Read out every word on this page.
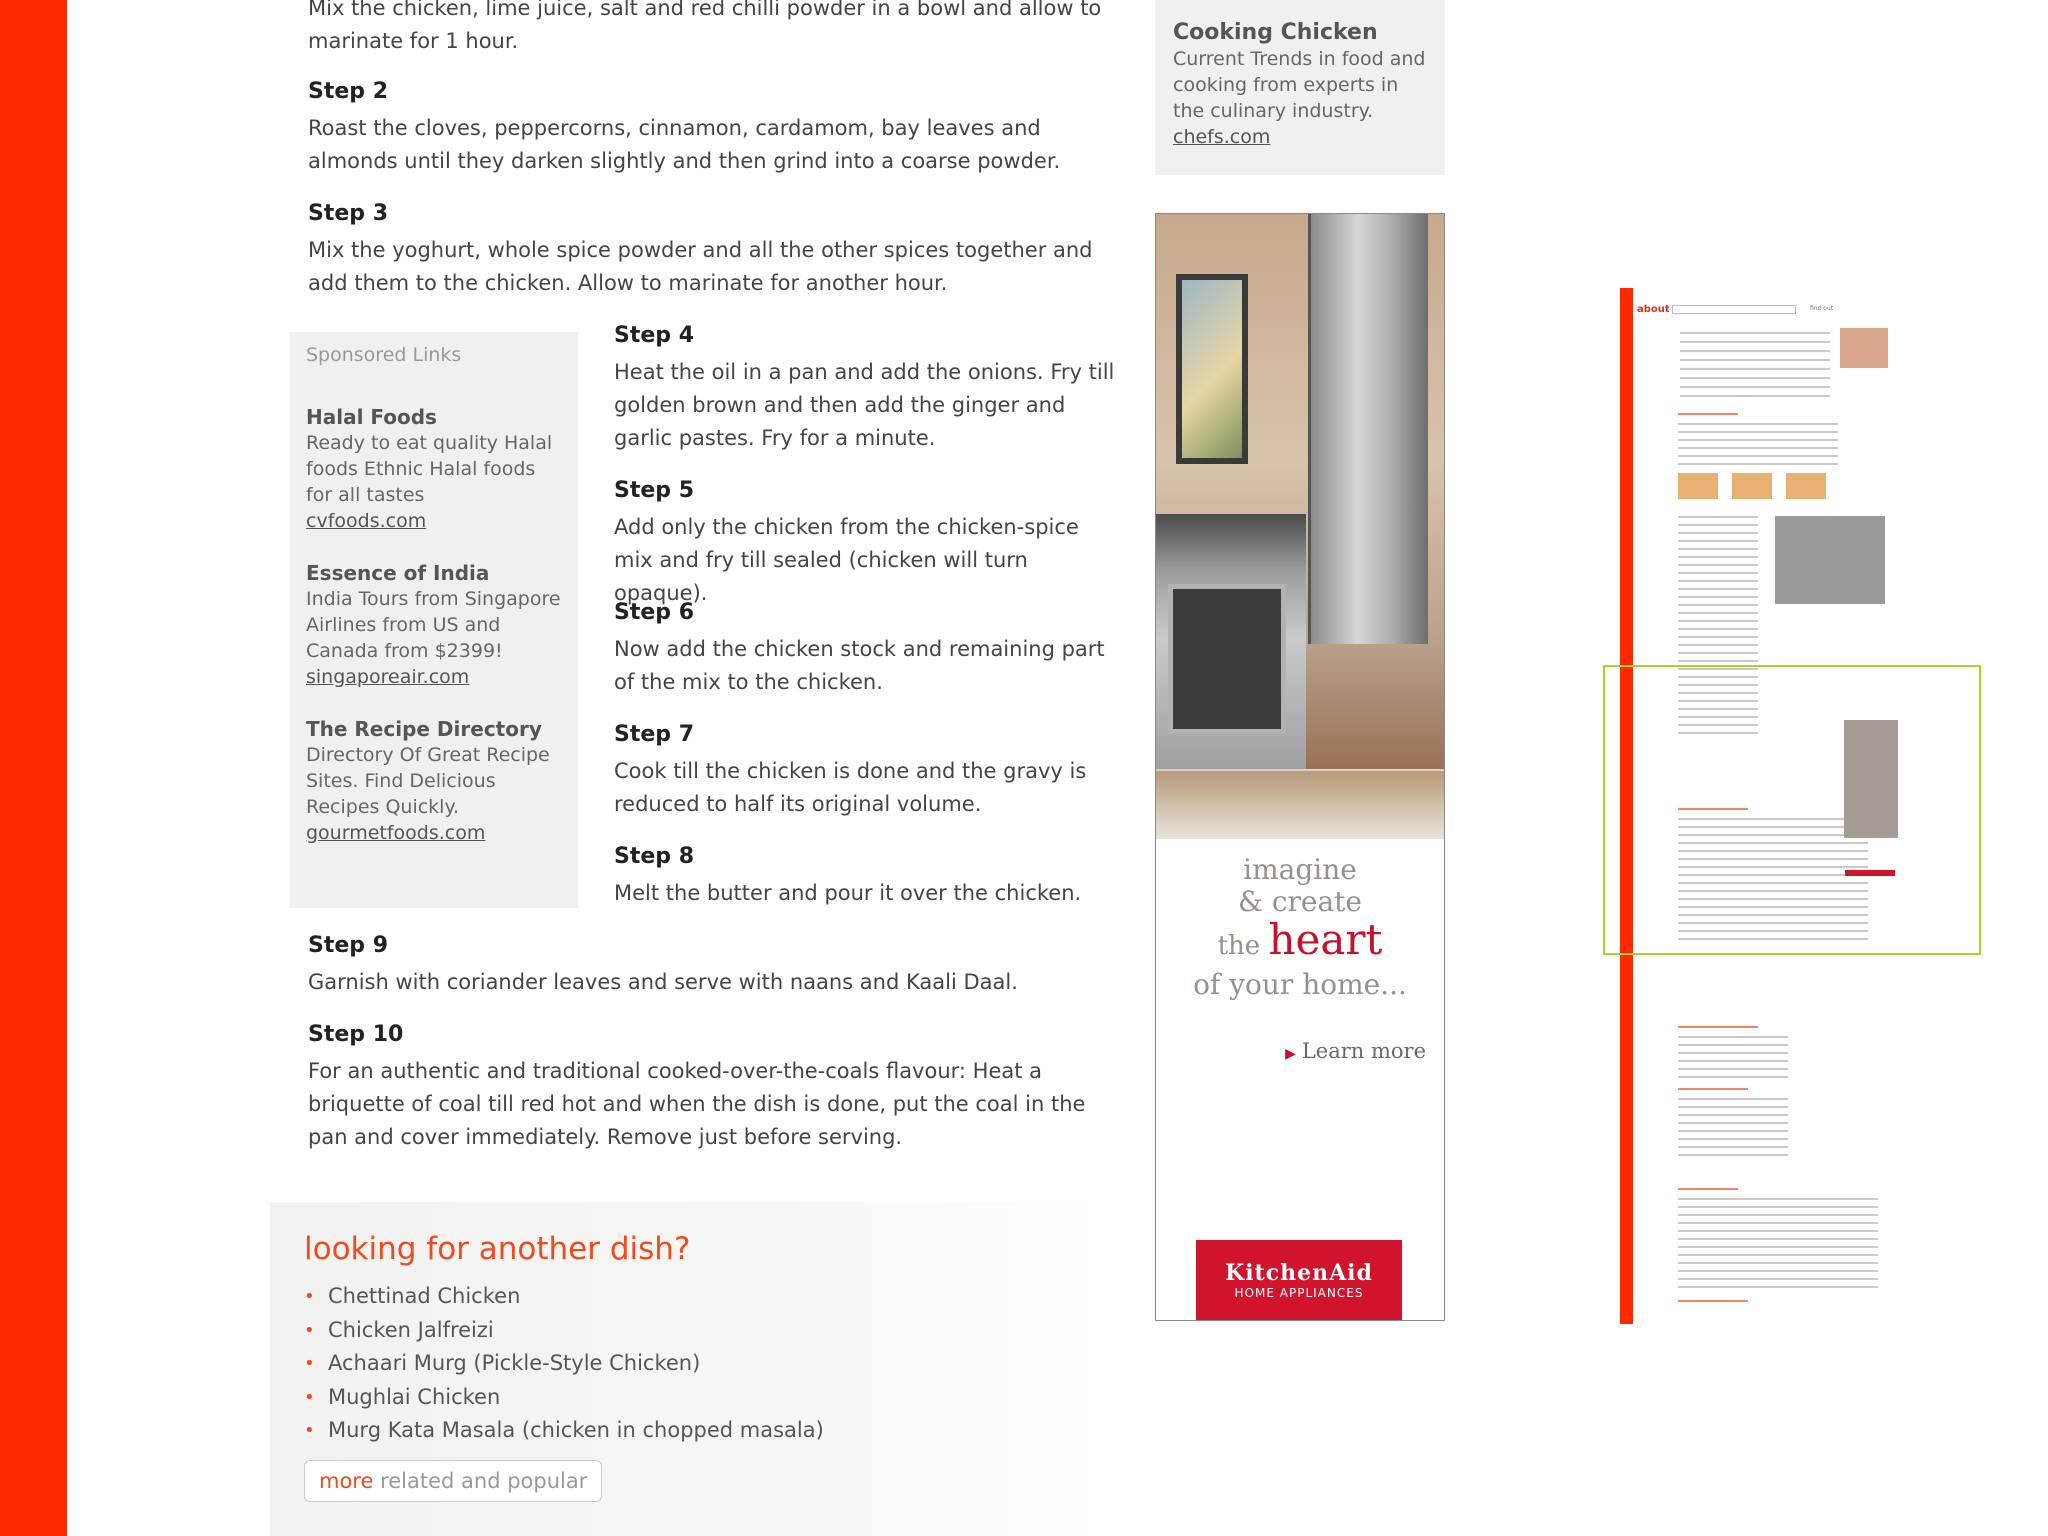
Mix the chicken, lime juice, salt and red chilli powder in a bowl and allow to marinate for 1 hour.
Step 2
Roast the cloves, peppercorns, cinnamon, cardamom, bay leaves and almonds until they darken slightly and then grind into a coarse powder.
Step 3
Mix the yoghurt, whole spice powder and all the other spices together and add them to the chicken. Allow to marinate for another hour.
Step 4
Heat the oil in a pan and add the onions. Fry till golden brown and then add the ginger and garlic pastes. Fry for a minute.
Step 5
Add only the chicken from the chicken-spice mix and fry till sealed (chicken will turn opaque).
Step 6
Now add the chicken stock and remaining part of the mix to the chicken.
Step 7
Cook till the chicken is done and the gravy is reduced to half its original volume.
Step 8
Melt the butter and pour it over the chicken.
Step 9
Garnish with coriander leaves and serve with naans and Kaali Daal.
Step 10
For an authentic and traditional cooked-over-the-coals flavour: Heat a briquette of coal till red hot and when the dish is done, put the coal in the pan and cover immediately. Remove just before serving.
Sponsored Links
Halal Foods
Ready to eat quality Halal foods Ethnic Halal foods for all tastes
cvfoods.com
Essence of India
India Tours from Singapore Airlines from US and Canada from $2399!
singaporeair.com
The Recipe Directory
Directory Of Great Recipe Sites. Find Delicious Recipes Quickly.
gourmetfoods.com
Cooking Chicken
Current Trends in food and cooking from experts in the culinary industry.
chefs.com
imagine
& create
the heart
of your home...
▶ Learn more
KitchenAid
HOME APPLIANCES
looking for another dish?
• Chettinad Chicken
• Chicken Jalfreizi
• Achaari Murg (Pickle-Style Chicken)
• Mughlai Chicken
• Murg Kata Masala (chicken in chopped masala)
more related and popular
about	find out
